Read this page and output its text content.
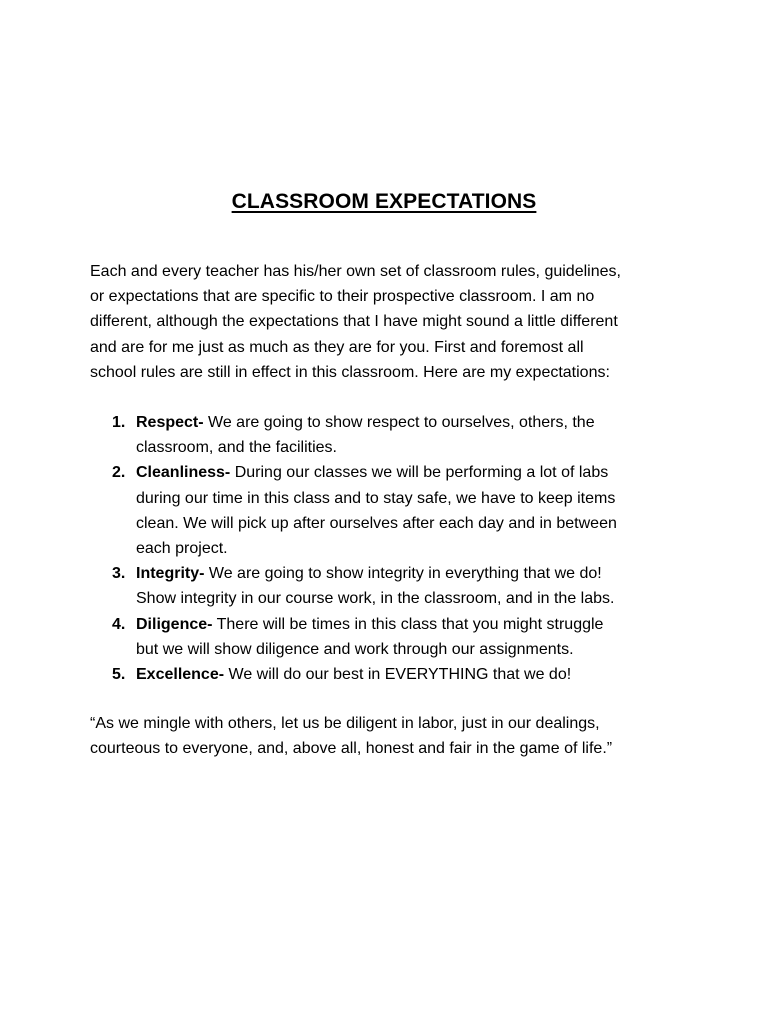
CLASSROOM EXPECTATIONS

Each and every teacher has his/her own set of classroom rules, guidelines,
or expectations that are specific to their prospective classroom. I am no
different, although the expectations that I have might sound a little different
and are for me just as much as they are for you. First and foremost all
school rules are still in effect in this classroom. Here are my expectations:

1. Respect- We are going to show respect to ourselves, others, the
classroom, and the facilities.
2. Cleanliness- During our classes we will be performing a lot of labs
during our time in this class and to stay safe, we have to keep items
clean. We will pick up after ourselves after each day and in between
each project.
3. Integrity- We are going to show integrity in everything that we do!
Show integrity in our course work, in the classroom, and in the labs.
4. Diligence- There will be times in this class that you might struggle
but we will show diligence and work through our assignments.
5. Excellence- We will do our best in EVERYTHING that we do!

“As we mingle with others, let us be diligent in labor, just in our dealings,
courteous to everyone, and, above all, honest and fair in the game of life.”
